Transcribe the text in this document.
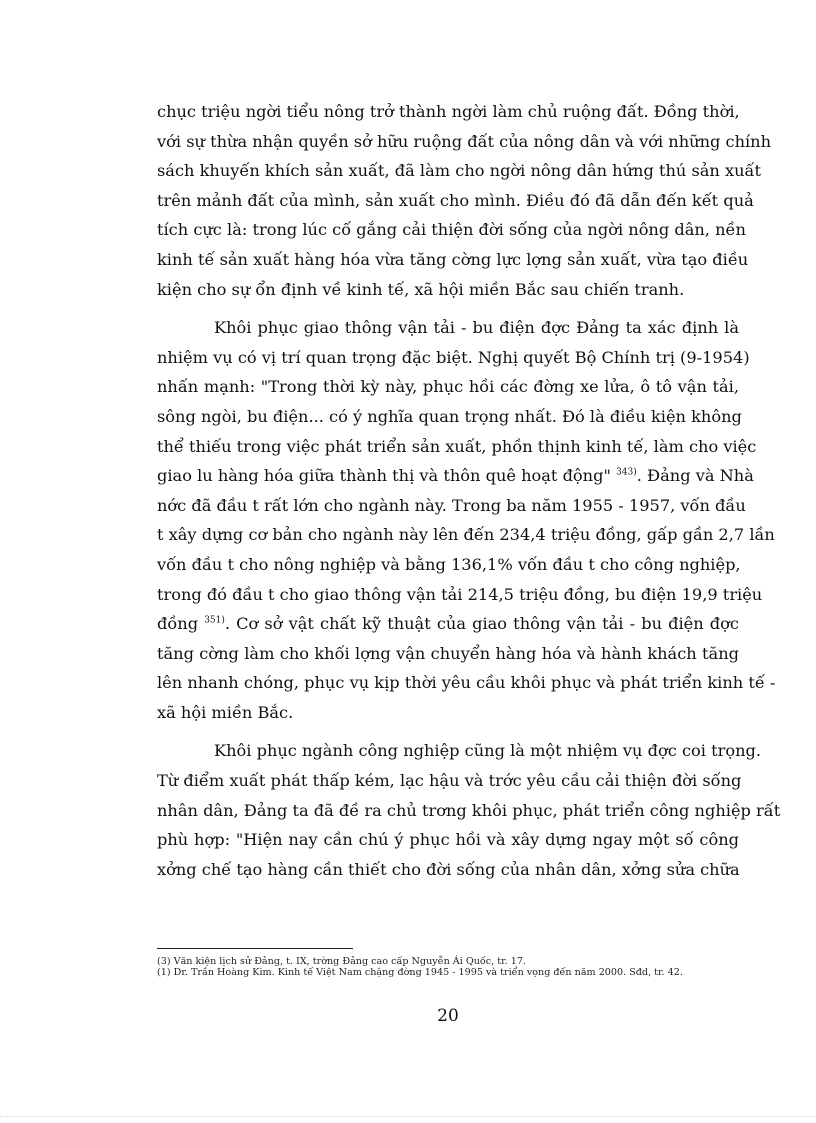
chục triệu ngời tiểu nông trở thành ngời làm chủ ruộng đất. Đồng thời,
với sự thừa nhận quyền sở hữu ruộng đất của nông dân và với những chính
sách khuyến khích sản xuất, đã làm cho ngời nông dân hứng thú sản xuất
trên mảnh đất của mình, sản xuất cho mình. Điều đó đã dẫn đến kết quả
tích cực là: trong lúc cố gắng cải thiện đời sống của ngời nông dân, nền
kinh tế sản xuất hàng hóa vừa tăng cờng lực lợng sản xuất, vừa tạo điều
kiện cho sự ổn định về kinh tế, xã hội miền Bắc sau chiến tranh.
Khôi phục giao thông vận tải - bu điện đợc Đảng ta xác định là
nhiệm vụ có vị trí quan trọng đặc biệt. Nghị quyết Bộ Chính trị (9-1954)
nhấn mạnh: "Trong thời kỳ này, phục hồi các đờng xe lửa, ô tô vận tải,
sông ngòi, bu điện... có ý nghĩa quan trọng nhất. Đó là điều kiện không
thể thiếu trong việc phát triển sản xuất, phồn thịnh kinh tế, làm cho việc
giao lu hàng hóa giữa thành thị và thôn quê hoạt động" $^{343)}$. Đảng và Nhà
nớc đã đầu t rất lớn cho ngành này. Trong ba năm 1955 - 1957, vốn đầu
t xây dựng cơ bản cho ngành này lên đến 234,4 triệu đồng, gấp gần 2,7 lần
vốn đầu t cho nông nghiệp và bằng 136,1% vốn đầu t cho công nghiệp,
trong đó đầu t cho giao thông vận tải 214,5 triệu đồng, bu điện 19,9 triệu
đồng $^{351)}$. Cơ sở vật chất kỹ thuật của giao thông vận tải - bu điện đợc
tăng cờng làm cho khối lợng vận chuyển hàng hóa và hành khách tăng
lên nhanh chóng, phục vụ kịp thời yêu cầu khôi phục và phát triển kinh tế -
xã hội miền Bắc.
Khôi phục ngành công nghiệp cũng là một nhiệm vụ đợc coi trọng.
Từ điểm xuất phát thấp kém, lạc hậu và trớc yêu cầu cải thiện đời sống
nhân dân, Đảng ta đã đề ra chủ trơng khôi phục, phát triển công nghiệp rất
phù hợp: "Hiện nay cần chú ý phục hồi và xây dựng ngay một số công
xởng chế tạo hàng cần thiết cho đời sống của nhân dân, xởng sửa chữa
(3) Văn kiện lịch sử Đảng, t. IX, trờng Đảng cao cấp Nguyễn Ái Quốc, tr. 17.
(1) Dr. Trần Hoàng Kim. Kinh tế Việt Nam chặng đờng 1945 - 1995 và triển vọng đến năm 2000. Sđd, tr. 42.
20
